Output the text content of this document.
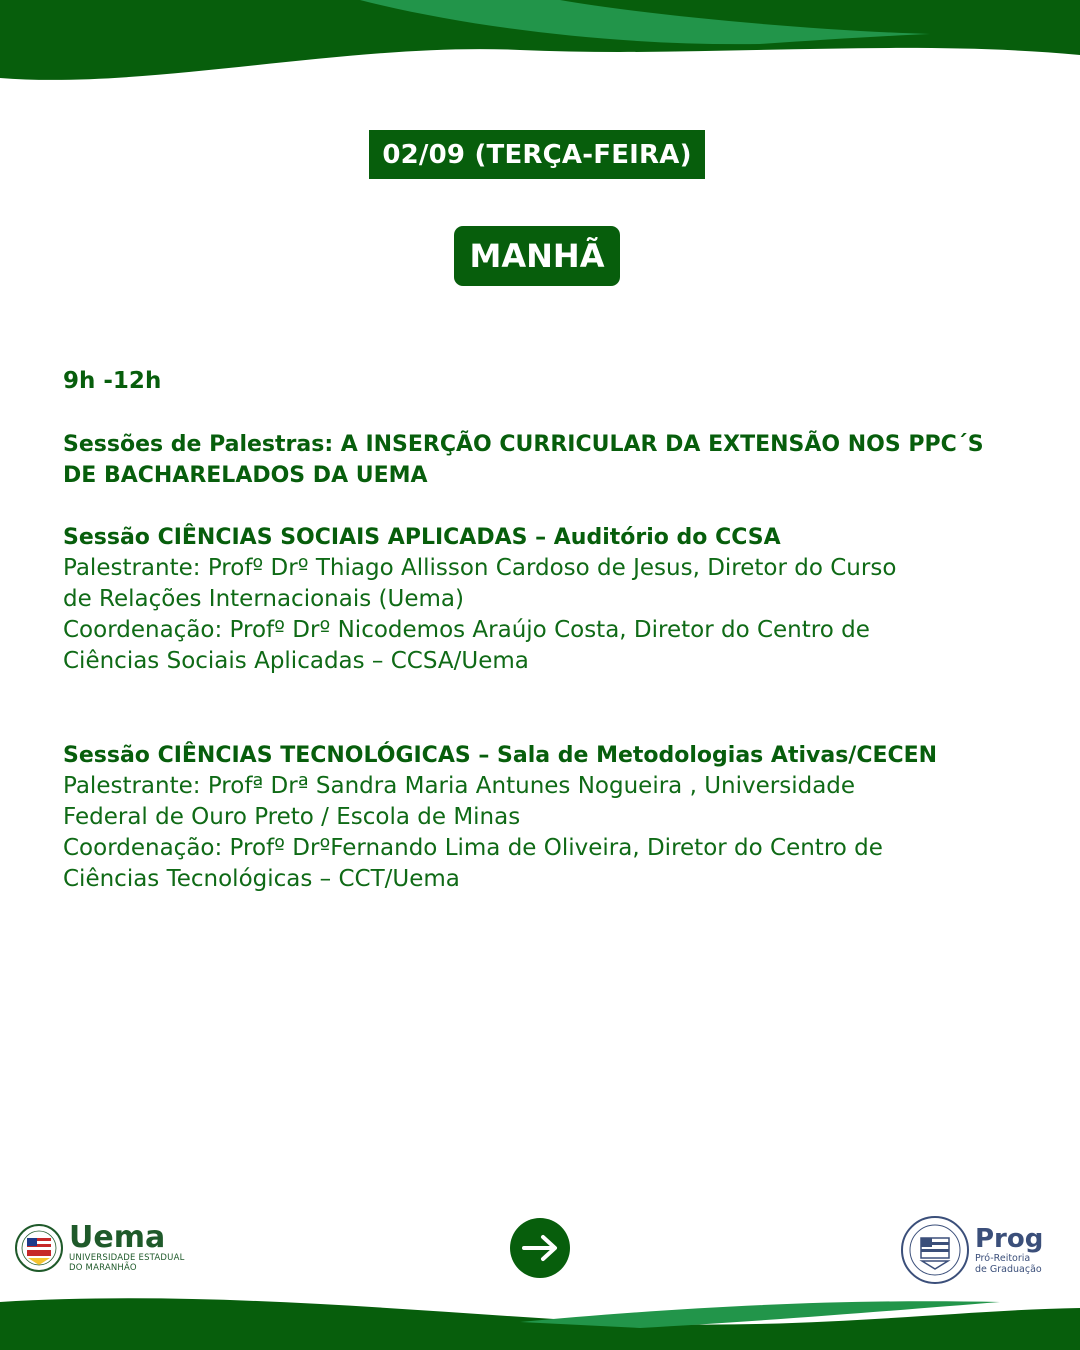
02/09 (TERÇA-FEIRA)
MANHÃ

9h -12h

Sessões de Palestras: A INSERÇÃO CURRICULAR DA EXTENSÃO NOS PPC´S

DE BACHARELADOS DA UEMA

Sessão CIÊNCIAS SOCIAIS APLICADAS – Auditório do CCSA

Palestrante: Profº Drº Thiago Allisson Cardoso de Jesus, Diretor do Curso

de Relações Internacionais (Uema)

Coordenação: Profº Drº Nicodemos Araújo Costa, Diretor do Centro de

Ciências Sociais Aplicadas – CCSA/Uema

Sessão CIÊNCIAS TECNOLÓGICAS – Sala de Metodologias Ativas/CECEN

Palestrante: Profª Drª Sandra Maria Antunes Nogueira , Universidade

Federal de Ouro Preto / Escola de Minas

Coordenação: Profº DrºFernando Lima de Oliveira, Diretor do Centro de

Ciências Tecnológicas – CCT/Uema

Uema
UNIVERSIDADE ESTADUAL
DO MARANHÃO
Prog
Pró-Reitoria
de Graduação
